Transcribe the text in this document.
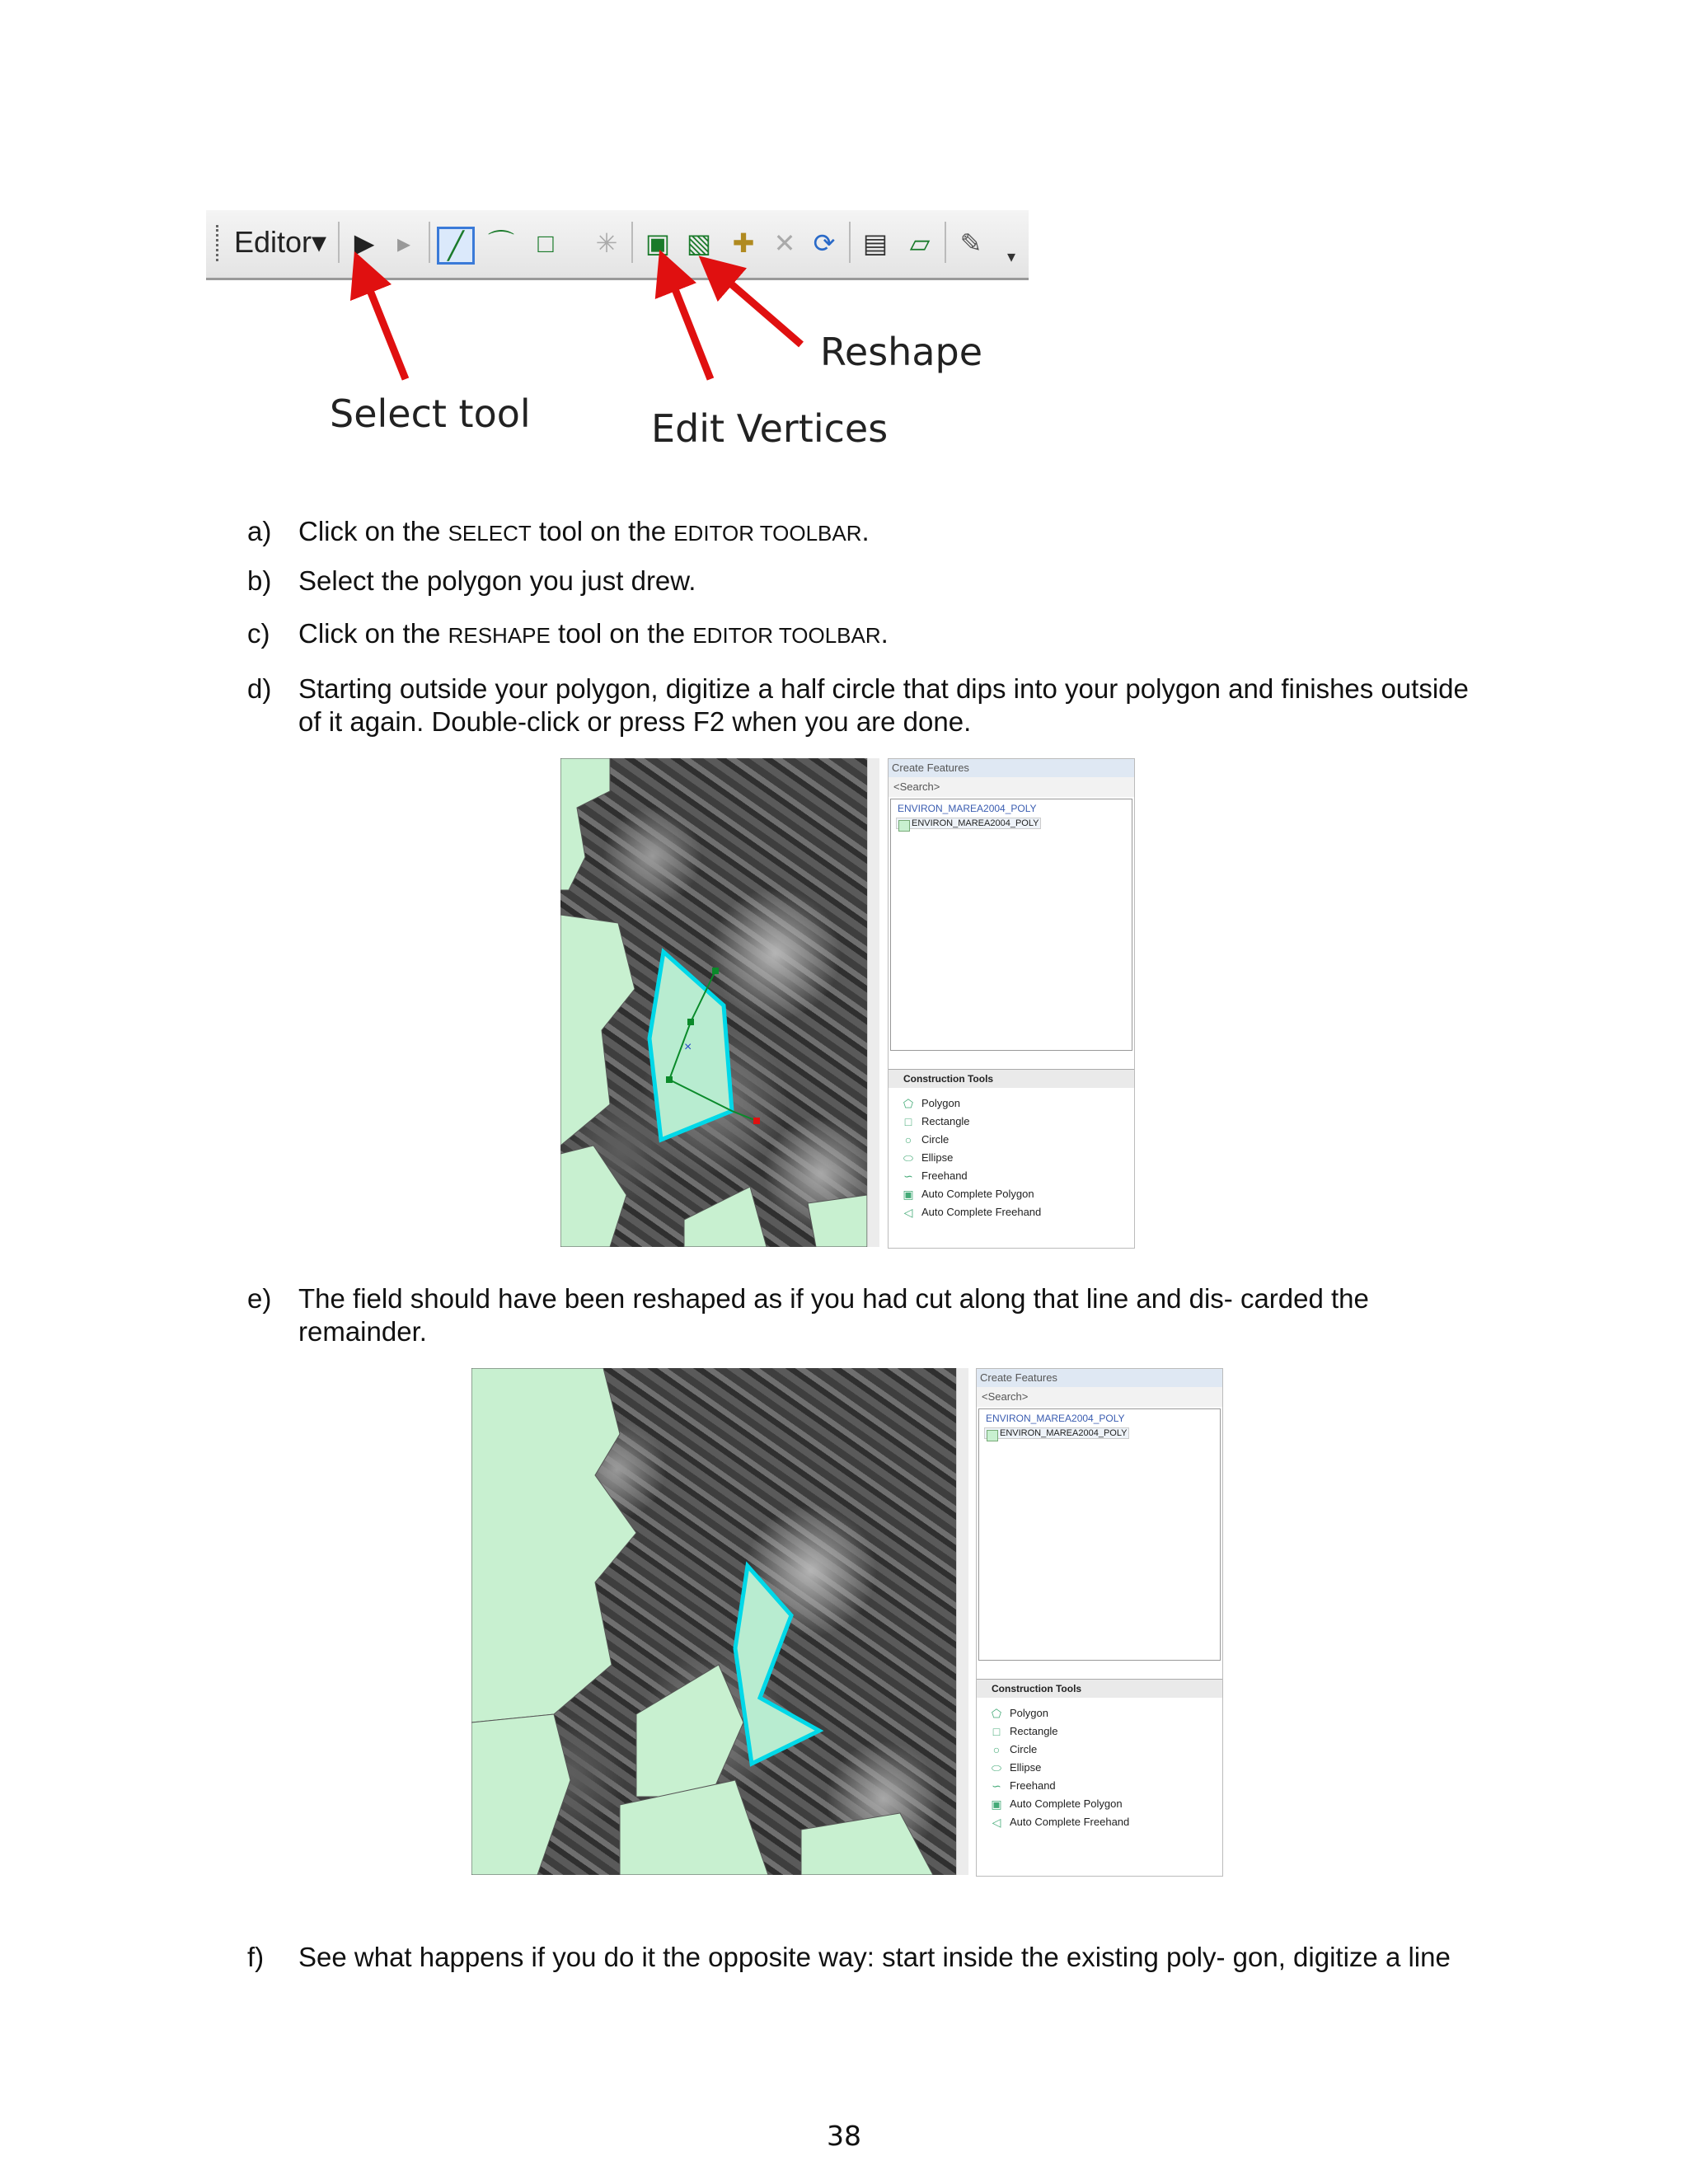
Editor▾ ▶ ▸	╱ ⌒ □	✳ ▣ ▧ ✚ ✕ ⟳ ▤ ▱ ✎	▾
Select tool	Edit Vertices
Reshape
a) Click on the SELECT tool on the EDITOR TOOLBAR.
b) Select the polygon you just drew.
c)	Click on the RESHAPE tool on the EDITOR TOOLBAR.
d) Starting outside your polygon, digitize a half circle that dips into your polygon and finishes outside
of it again. Double-click or press F2 when you are done.
×
Create Features
<Search>
ENVIRON_MAREA2004_POLY
ENVIRON_MAREA2004_POLY
Construction Tools
⬠ Polygon
□ Rectangle
○ Circle
⬭ Ellipse
∽ Freehand
▣ Auto Complete Polygon
◁ Auto Complete Freehand
e) The field should have been reshaped as if you had cut along that line and dis- carded the
remainder.
Create Features
<Search>
ENVIRON_MAREA2004_POLY
ENVIRON_MAREA2004_POLY
Construction Tools
⬠ Polygon
□ Rectangle
○ Circle
⬭ Ellipse
∽ Freehand
▣ Auto Complete Polygon
◁ Auto Complete Freehand
f)	See what happens if you do it the opposite way: start inside the existing poly- gon, digitize a line
38
